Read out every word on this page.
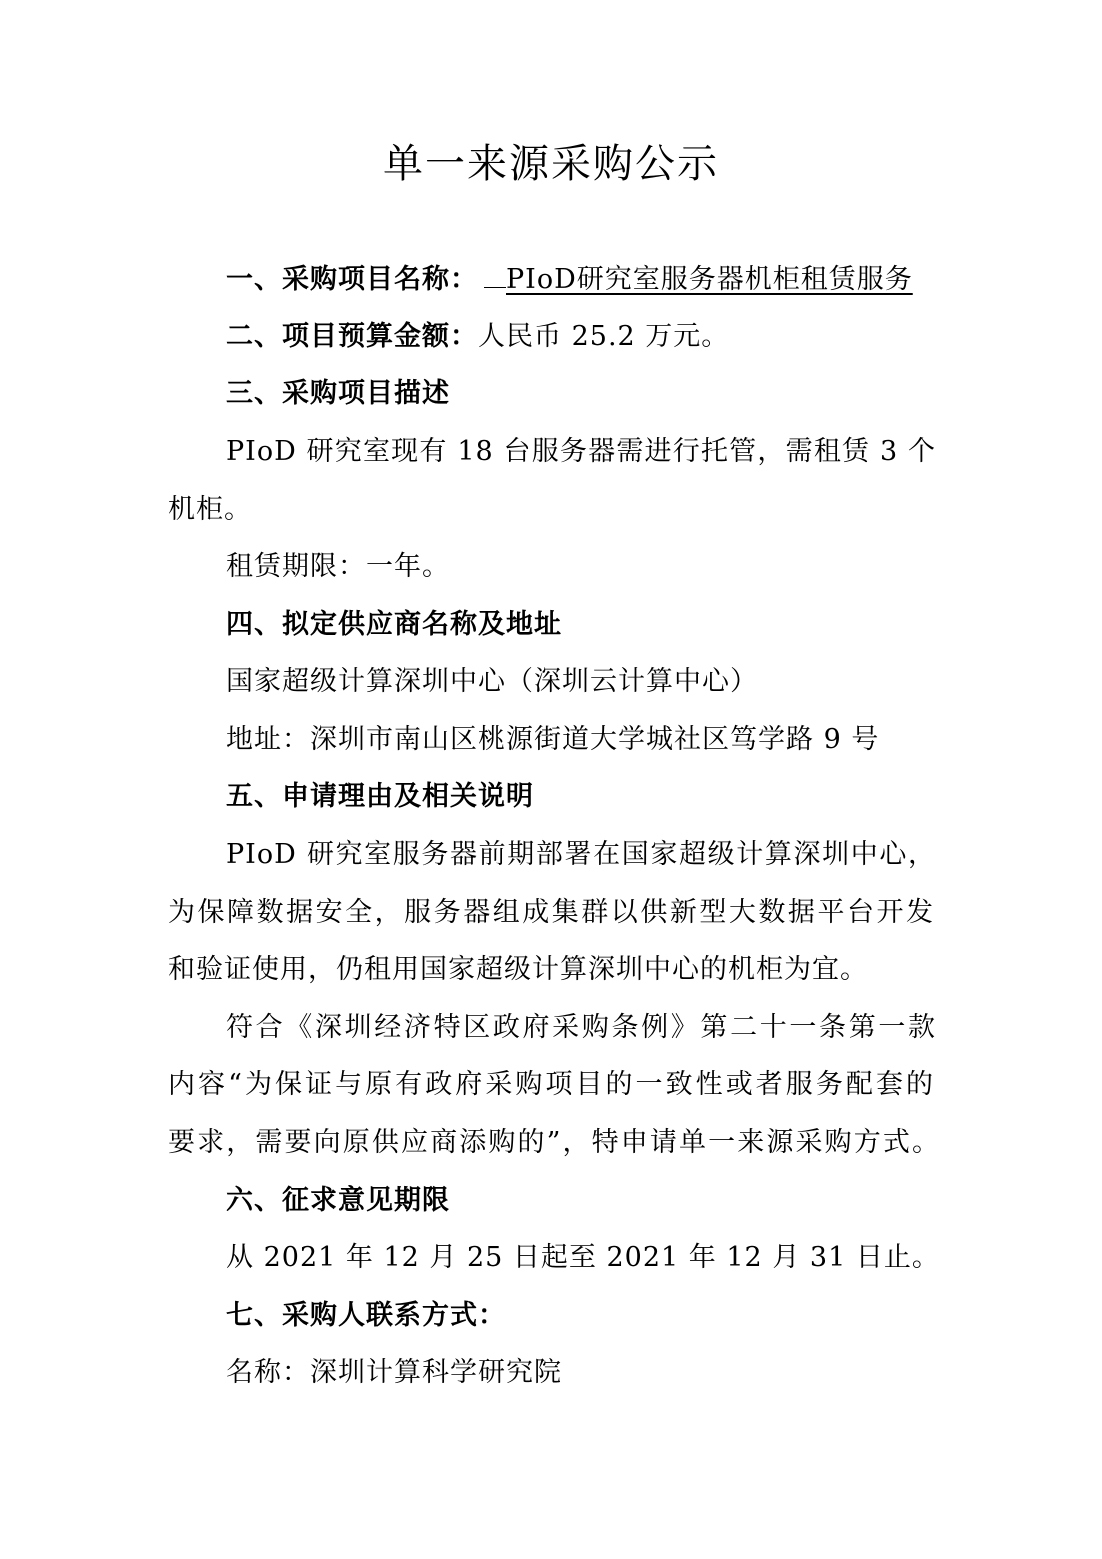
单一来源采购公示
一、采购项目名称： PIoD研究室服务器机柜租赁服务
二、项目预算金额：人民币 25.2 万元。
三、采购项目描述
PIoD 研究室现有 18 台服务器需进行托管，需租赁 3 个
机柜。
租赁期限：一年。
四、拟定供应商名称及地址
国家超级计算深圳中心（深圳云计算中心）
地址：深圳市南山区桃源街道大学城社区笃学路 9 号
五、申请理由及相关说明
PIoD 研究室服务器前期部署在国家超级计算深圳中心，
为保障数据安全，服务器组成集群以供新型大数据平台开发
和验证使用，仍租用国家超级计算深圳中心的机柜为宜。
符合《深圳经济特区政府采购条例》第二十一条第一款
内容“为保证与原有政府采购项目的一致性或者服务配套的
要求，需要向原供应商添购的”，特申请单一来源采购方式。
六、征求意见期限
从 2021 年 12 月 25 日起至 2021 年 12 月 31 日止。
七、采购人联系方式：
名称：深圳计算科学研究院
